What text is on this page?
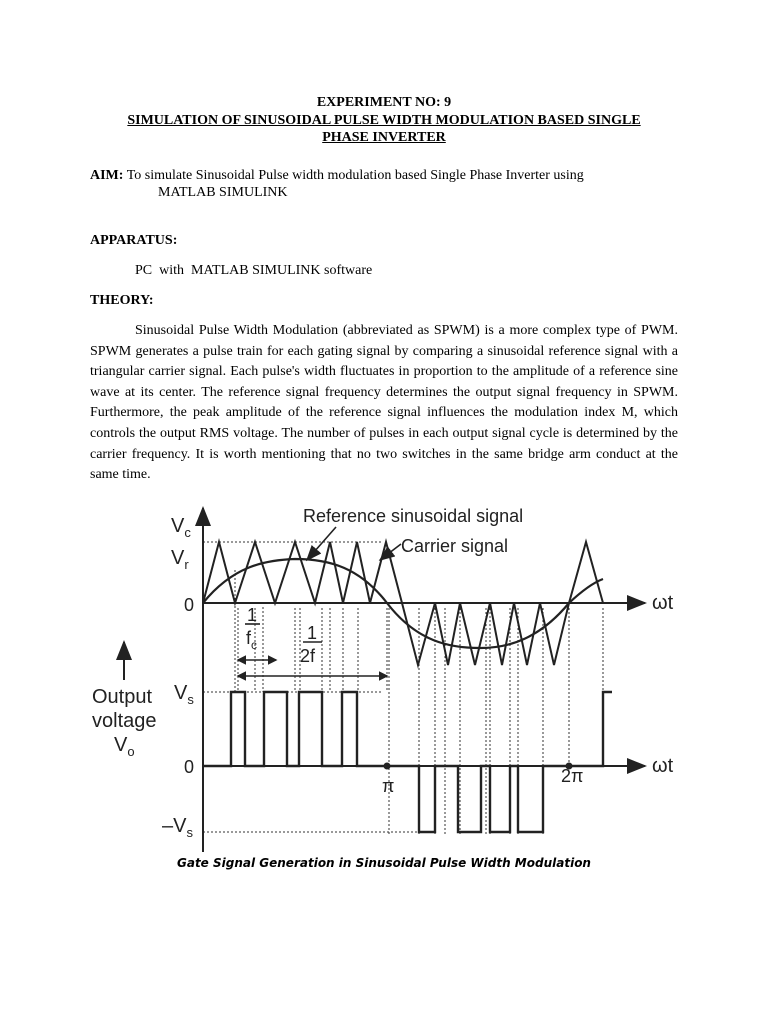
EXPERIMENT NO: 9
SIMULATION OF SINUSOIDAL PULSE WIDTH MODULATION BASED SINGLE
PHASE INVERTER
AIM: To simulate Sinusoidal Pulse width modulation based Single Phase Inverter using
MATLAB SIMULINK
APPARATUS:
PC  with  MATLAB SIMULINK software
THEORY:
Sinusoidal Pulse Width Modulation (abbreviated as SPWM) is a more complex type of PWM. SPWM generates a pulse train for each gating signal by comparing a sinusoidal reference signal with a triangular carrier signal. Each pulse's width fluctuates in proportion to the amplitude of a reference sine wave at its center. The reference signal frequency determines the output signal frequency in SPWM. Furthermore, the peak amplitude of the reference signal influences the modulation index M, which controls the output RMS voltage. The number of pulses in each output signal cycle is determined by the carrier frequency. It is worth mentioning that no two switches in the same bridge arm conduct at the same time.
Reference sinusoidal signal
Carrier signal
$V_c$
$V_r$
0	ωt
1
$f_c$
1
2f
Output
voltage
$V_o$
$V_s$
0
$-V_s$
π	2π	ωt
Gate Signal Generation in Sinusoidal Pulse Width Modulation
